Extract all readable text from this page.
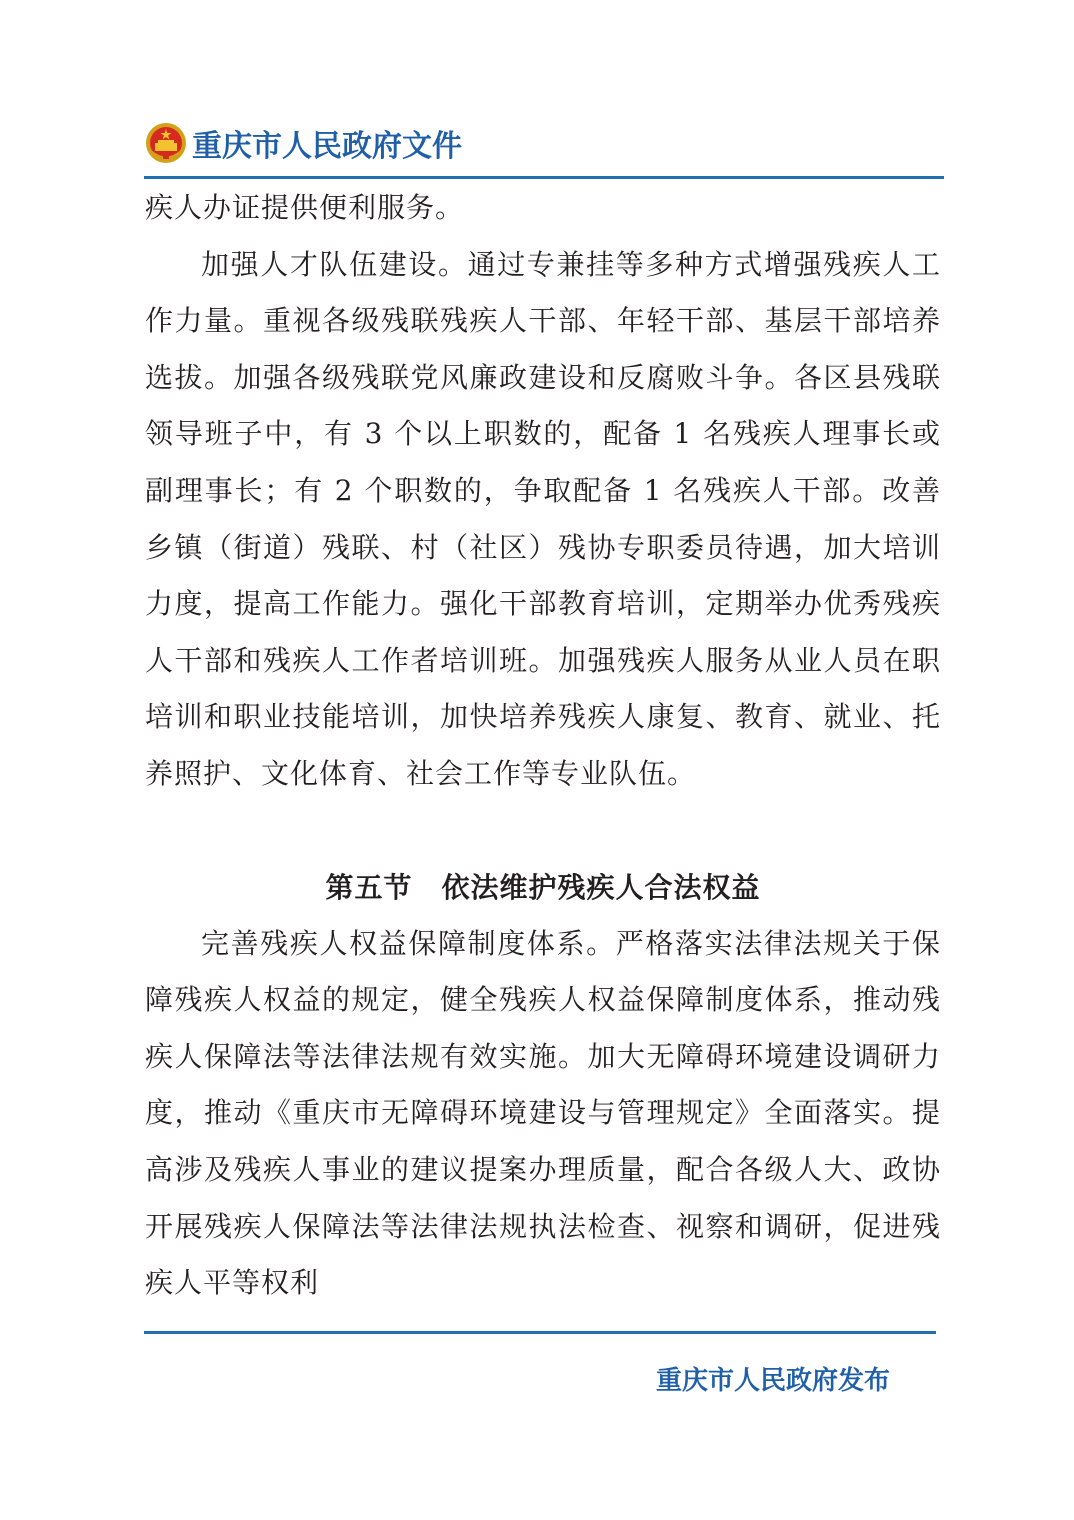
重庆市人民政府文件

疾人办证提供便利服务。

加强人才队伍建设。通过专兼挂等多种方式增强残疾人工作力量。重视各级残联残疾人干部、年轻干部、基层干部培养选拔。加强各级残联党风廉政建设和反腐败斗争。各区县残联领导班子中，有 3 个以上职数的，配备 1 名残疾人理事长或副理事长；有 2 个职数的，争取配备 1 名残疾人干部。改善乡镇（街道）残联、村（社区）残协专职委员待遇，加大培训力度，提高工作能力。强化干部教育培训，定期举办优秀残疾人干部和残疾人工作者培训班。加强残疾人服务从业人员在职培训和职业技能培训，加快培养残疾人康复、教育、就业、托养照护、文化体育、社会工作等专业队伍。

第五节　依法维护残疾人合法权益

完善残疾人权益保障制度体系。严格落实法律法规关于保障残疾人权益的规定，健全残疾人权益保障制度体系，推动残疾人保障法等法律法规有效实施。加大无障碍环境建设调研力度，推动《重庆市无障碍环境建设与管理规定》全面落实。提高涉及残疾人事业的建议提案办理质量，配合各级人大、政协开展残疾人保障法等法律法规执法检查、视察和调研，促进残疾人平等权利

重庆市人民政府发布
